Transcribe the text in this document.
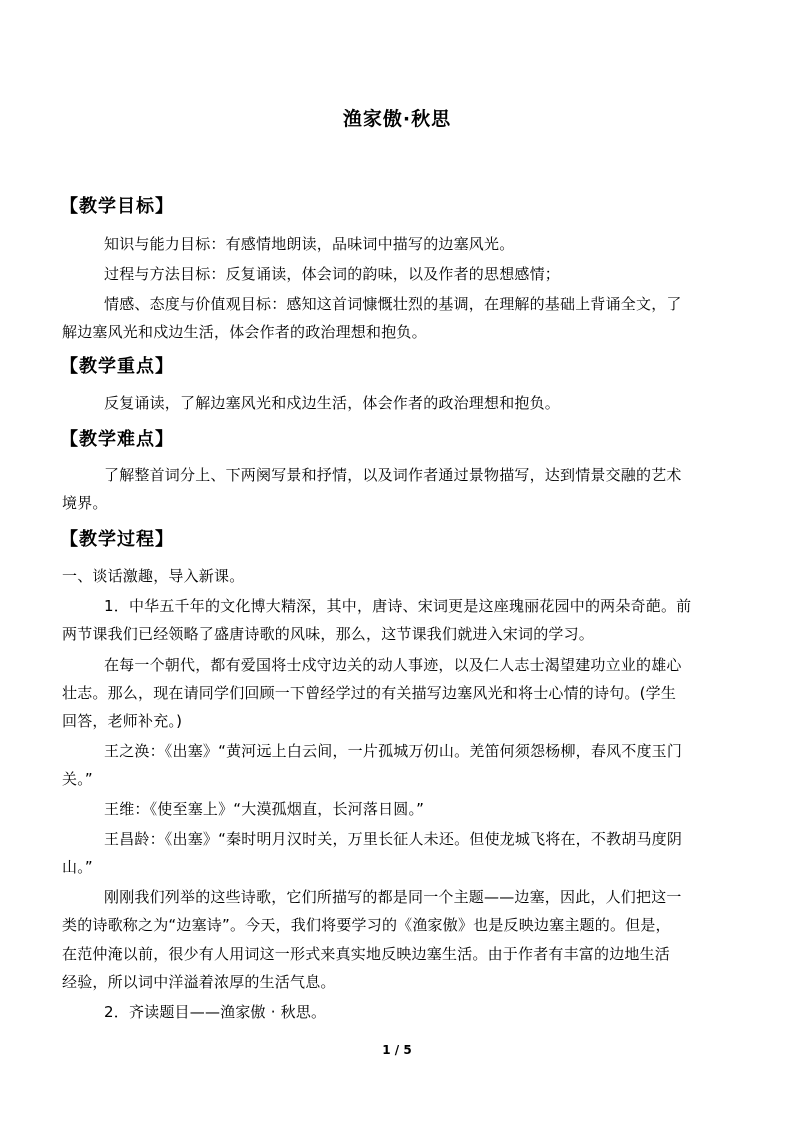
渔家傲·秋思
【教学目标】
知识与能力目标：有感情地朗读，品味词中描写的边塞风光。
过程与方法目标：反复诵读，体会词的韵味，以及作者的思想感情；
情感、态度与价值观目标：感知这首词慷慨壮烈的基调，在理解的基础上背诵全文，了
解边塞风光和戍边生活，体会作者的政治理想和抱负。
【教学重点】
反复诵读，了解边塞风光和戍边生活，体会作者的政治理想和抱负。
【教学难点】
了解整首词分上、下两阕写景和抒情，以及词作者通过景物描写，达到情景交融的艺术
境界。
【教学过程】
一、谈话激趣，导入新课。
1．中华五千年的文化博大精深，其中，唐诗、宋词更是这座瑰丽花园中的两朵奇葩。前
两节课我们已经领略了盛唐诗歌的风味，那么，这节课我们就进入宋词的学习。
在每一个朝代，都有爱国将士戍守边关的动人事迹，以及仁人志士渴望建功立业的雄心
壮志。那么，现在请同学们回顾一下曾经学过的有关描写边塞风光和将士心情的诗句。(学生
回答，老师补充。)
王之涣：《出塞》“黄河远上白云间，一片孤城万仞山。羌笛何须怨杨柳，春风不度玉门
关。”
王维：《使至塞上》“大漠孤烟直，长河落日圆。”
王昌龄：《出塞》“秦时明月汉时关，万里长征人未还。但使龙城飞将在，不教胡马度阴
山。”
刚刚我们列举的这些诗歌，它们所描写的都是同一个主题——边塞，因此，人们把这一
类的诗歌称之为“边塞诗”。今天，我们将要学习的《渔家傲》也是反映边塞主题的。但是，
在范仲淹以前，很少有人用词这一形式来真实地反映边塞生活。由于作者有丰富的边地生活
经验，所以词中洋溢着浓厚的生活气息。
2．齐读题目——渔家傲 · 秋思。
1 / 5
